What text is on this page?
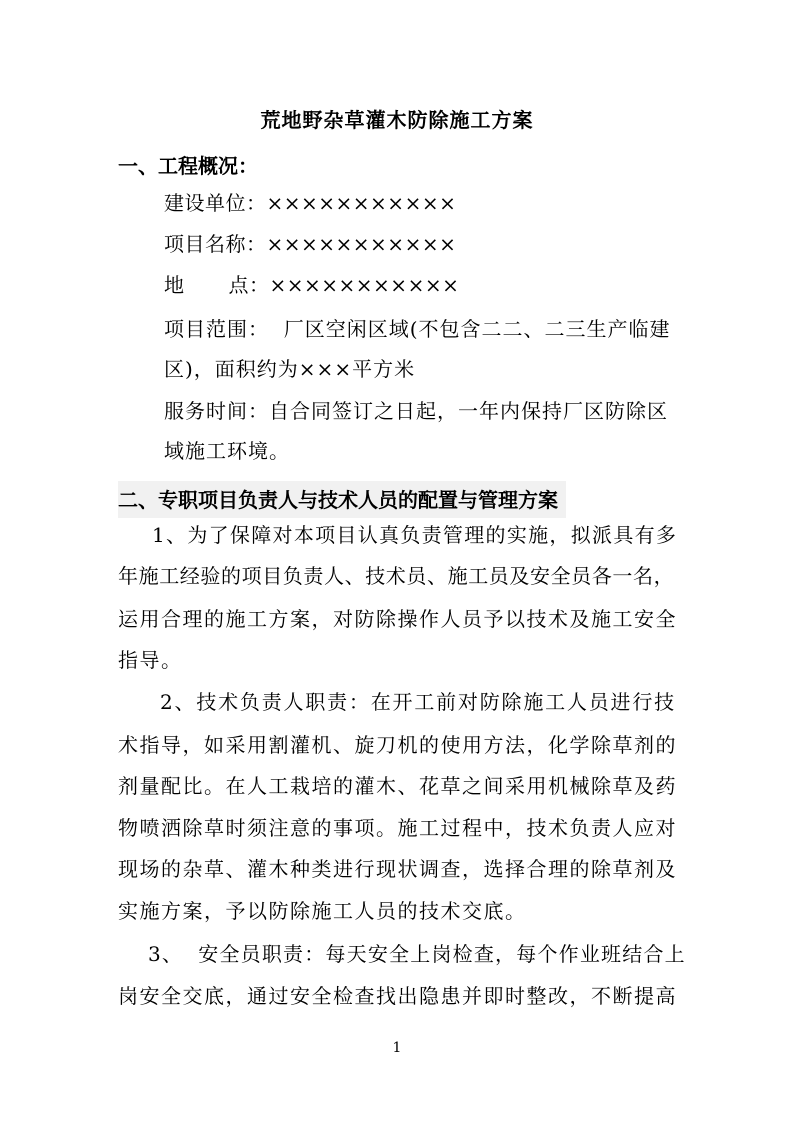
荒地野杂草灌木防除施工方案
一、工程概况：
建设单位：×××××××××××
项目名称：×××××××××××
地 点：×××××××××××
项目范围：  厂区空闲区域(不包含二二、二三生产临建
区)，面积约为×××平方米
服务时间：自合同签订之日起，一年内保持厂区防除区
域施工环境。
二、专职项目负责人与技术人员的配置与管理方案
1、为了保障对本项目认真负责管理的实施，拟派具有多
年施工经验的项目负责人、技术员、施工员及安全员各一名，
运用合理的施工方案，对防除操作人员予以技术及施工安全
指导。
2、技术负责人职责：在开工前对防除施工人员进行技
术指导，如采用割灌机、旋刀机的使用方法，化学除草剂的
剂量配比。在人工栽培的灌木、花草之间采用机械除草及药
物喷洒除草时须注意的事项。施工过程中，技术负责人应对
现场的杂草、灌木种类进行现状调查，选择合理的除草剂及
实施方案，予以防除施工人员的技术交底。
3、  安全员职责：每天安全上岗检查，每个作业班结合上
岗安全交底，通过安全检查找出隐患并即时整改，不断提高
1
